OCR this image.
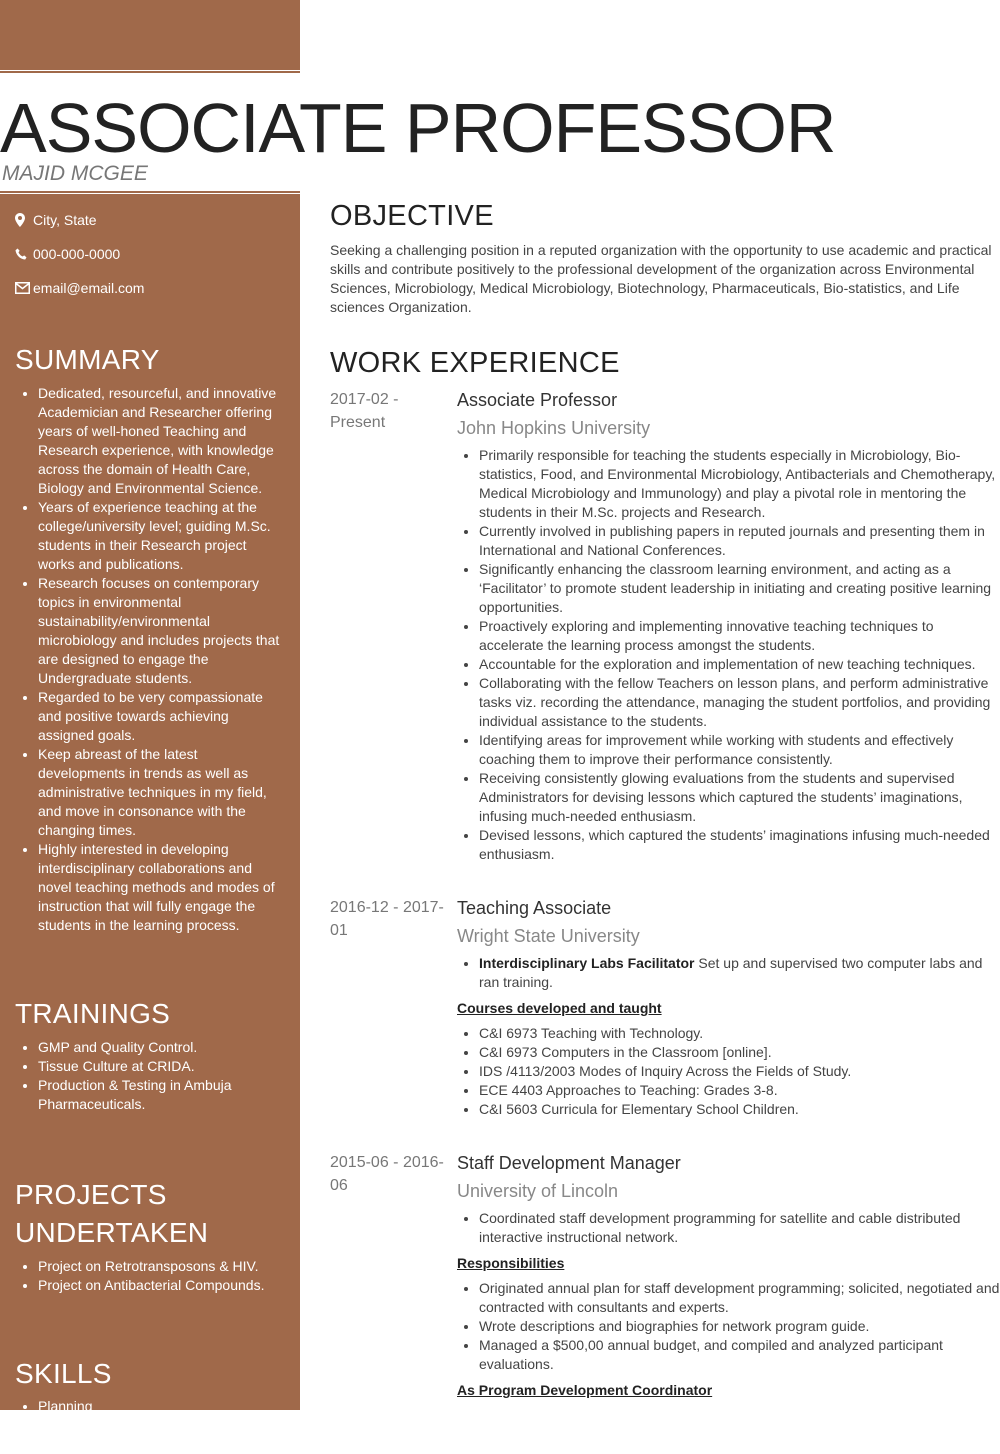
ASSOCIATE PROFESSOR
MAJID MCGEE
City, State
000-000-0000
email@email.com
SUMMARY
• Dedicated, resourceful, and innovative Academician and Researcher offering years of well-honed Teaching and Research experience, with knowledge across the domain of Health Care, Biology and Environmental Science.
• Years of experience teaching at the college/university level; guiding M.Sc. students in their Research project works and publications.
• Research focuses on contemporary topics in environmental sustainability/environmental microbiology and includes projects that are designed to engage the Undergraduate students.
• Regarded to be very compassionate and positive towards achieving assigned goals.
• Keep abreast of the latest developments in trends as well as administrative techniques in my field, and move in consonance with the changing times.
• Highly interested in developing interdisciplinary collaborations and novel teaching methods and modes of instruction that will fully engage the students in the learning process.
TRAININGS
• GMP and Quality Control.
• Tissue Culture at CRIDA.
• Production & Testing in Ambuja Pharmaceuticals.
PROJECTS UNDERTAKEN
• Project on Retrotransposons & HIV.
• Project on Antibacterial Compounds.
SKILLS
• Planning
• Supervision
• Instruction
OBJECTIVE

Seeking a challenging position in a reputed organization with the opportunity to use academic and practical skills and contribute positively to the professional development of the organization across Environmental Sciences, Microbiology, Medical Microbiology, Biotechnology, Pharmaceuticals, Bio-statistics, and Life sciences Organization.

WORK EXPERIENCE
2017-02 - Present
Associate Professor
John Hopkins University
• Primarily responsible for teaching the students especially in Microbiology, Bio-statistics, Food, and Environmental Microbiology, Antibacterials and Chemotherapy, Medical Microbiology and Immunology) and play a pivotal role in mentoring the students in their M.Sc. projects and Research.
• Currently involved in publishing papers in reputed journals and presenting them in International and National Conferences.
• Significantly enhancing the classroom learning environment, and acting as a ‘Facilitator’ to promote student leadership in initiating and creating positive learning opportunities.
• Proactively exploring and implementing innovative teaching techniques to accelerate the learning process amongst the students.
• Accountable for the exploration and implementation of new teaching techniques.
• Collaborating with the fellow Teachers on lesson plans, and perform administrative tasks viz. recording the attendance, managing the student portfolios, and providing individual assistance to the students.
• Identifying areas for improvement while working with students and effectively coaching them to improve their performance consistently.
• Receiving consistently glowing evaluations from the students and supervised Administrators for devising lessons which captured the students’ imaginations, infusing much-needed enthusiasm.
• Devised lessons, which captured the students’ imaginations infusing much-needed enthusiasm.
2016-12 - 2017-01
Teaching Associate
Wright State University
• Interdisciplinary Labs Facilitator Set up and supervised two computer labs and ran training.
Courses developed and taught
• C&I 6973 Teaching with Technology.
• C&I 6973 Computers in the Classroom [online].
• IDS /4113/2003 Modes of Inquiry Across the Fields of Study.
• ECE 4403 Approaches to Teaching: Grades 3-8.
• C&I 5603 Curricula for Elementary School Children.
2015-06 - 2016-06
Staff Development Manager
University of Lincoln
• Coordinated staff development programming for satellite and cable distributed interactive instructional network.
Responsibilities
• Originated annual plan for staff development programming; solicited, negotiated and contracted with consultants and experts.
• Wrote descriptions and biographies for network program guide.
• Managed a $500,00 annual budget, and compiled and analyzed participant evaluations.
As Program Development Coordinator
